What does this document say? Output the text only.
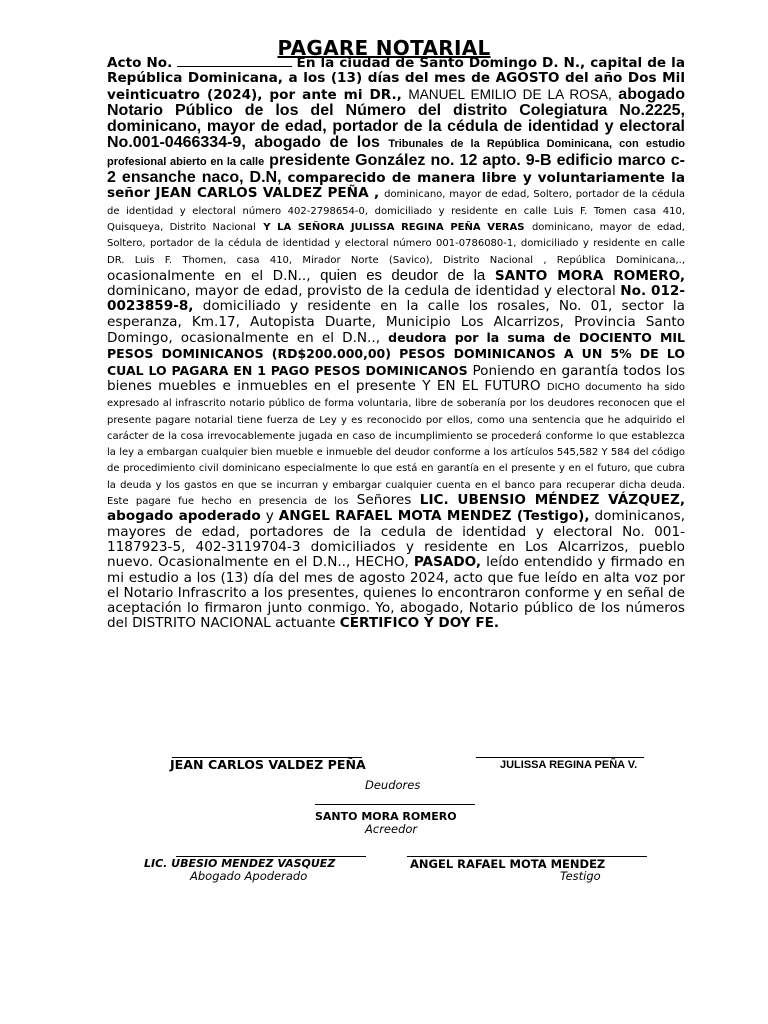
PAGARE NOTARIAL

Acto No.	En la ciudad de Santo Domingo D. N., capital de la República Dominicana, a los (13) días del mes de AGOSTO del año Dos Mil veinticuatro (2024), por ante mi DR., MANUEL EMILIO DE LA ROSA, abogado Notario Público de los del Número del distrito Colegiatura No.2225, dominicano, mayor de edad, portador de la cédula de identidad y electoral No.001-0466334-9, abogado de los Tribunales de la República Dominicana, con estudio profesional abierto en la calle presidente González no. 12 apto. 9-B edificio marco c-2 ensanche naco, D.N, comparecido de manera libre y voluntariamente la señor JEAN CARLOS VALDEZ PEÑA , dominicano, mayor de edad, Soltero, portador de la cédula de identidad y electoral número 402-2798654-0, domiciliado y residente en calle Luis F. Tomen casa 410, Quisqueya, Distrito Nacional Y LA SEÑORA JULISSA REGINA PEÑA VERAS dominicano, mayor de edad, Soltero, portador de la cédula de identidad y electoral número 001-0786080-1, domiciliado y residente en calle DR. Luis F. Thomen, casa 410, Mirador Norte (Savico), Distrito Nacional , República Dominicana,., ocasionalmente en el D.N.., quien es deudor de la SANTO MORA ROMERO, dominicano, mayor de edad, provisto de la cedula de identidad y electoral No. 012-0023859-8, domiciliado y residente en la calle los rosales, No. 01, sector la esperanza, Km.17, Autopista Duarte, Municipio Los Alcarrizos, Provincia Santo Domingo, ocasionalmente en el D.N.., deudora por la suma de DOCIENTO MIL PESOS DOMINICANOS (RD$200.000,00) PESOS DOMINICANOS A UN 5% DE LO CUAL LO PAGARA EN 1 PAGO PESOS DOMINICANOS Poniendo en garantía todos los bienes muebles e inmuebles en el presente Y EN EL FUTURO DICHO documento ha sido expresado al infrascrito notario público de forma voluntaria, libre de soberanía por los deudores reconocen que el presente pagare notarial tiene fuerza de Ley y es reconocido por ellos, como una sentencia que he adquirido el carácter de la cosa irrevocablemente jugada en caso de incumplimiento se procederá conforme lo que establezca la ley a embargan cualquier bien mueble e inmueble del deudor conforme a los artículos 545,582 Y 584 del código de procedimiento civil dominicano especialmente lo que está en garantía en el presente y en el futuro, que cubra la deuda y los gastos en que se incurran y embargar cualquier cuenta en el banco para recuperar dicha deuda. Este pagare fue hecho en presencia de los Señores LIC. UBENSIO MÉNDEZ VÁZQUEZ, abogado apoderado y ANGEL RAFAEL MOTA MENDEZ (Testigo), dominicanos, mayores de edad, portadores de la cedula de identidad y electoral No. 001-1187923-5, 402-3119704-3 domiciliados y residente en Los Alcarrizos, pueblo nuevo. Ocasionalmente en el D.N.., HECHO, PASADO, leído entendido y firmado en mi estudio a los (13) día del mes de agosto 2024, acto que fue leído en alta voz por el Notario Infrascrito a los presentes, quienes lo encontraron conforme y en señal de aceptación lo firmaron junto conmigo. Yo, abogado, Notario público de los números del DISTRITO NACIONAL actuante CERTIFICO Y DOY FE.

JEAN CARLOS VALDEZ PEÑA	JULISSA REGINA PEÑA V.
Deudores
SANTO MORA ROMERO
Acreedor
LIC. UBESIO MENDEZ VASQUEZ
Abogado Apoderado
ANGEL RAFAEL MOTA MENDEZ
Testigo
